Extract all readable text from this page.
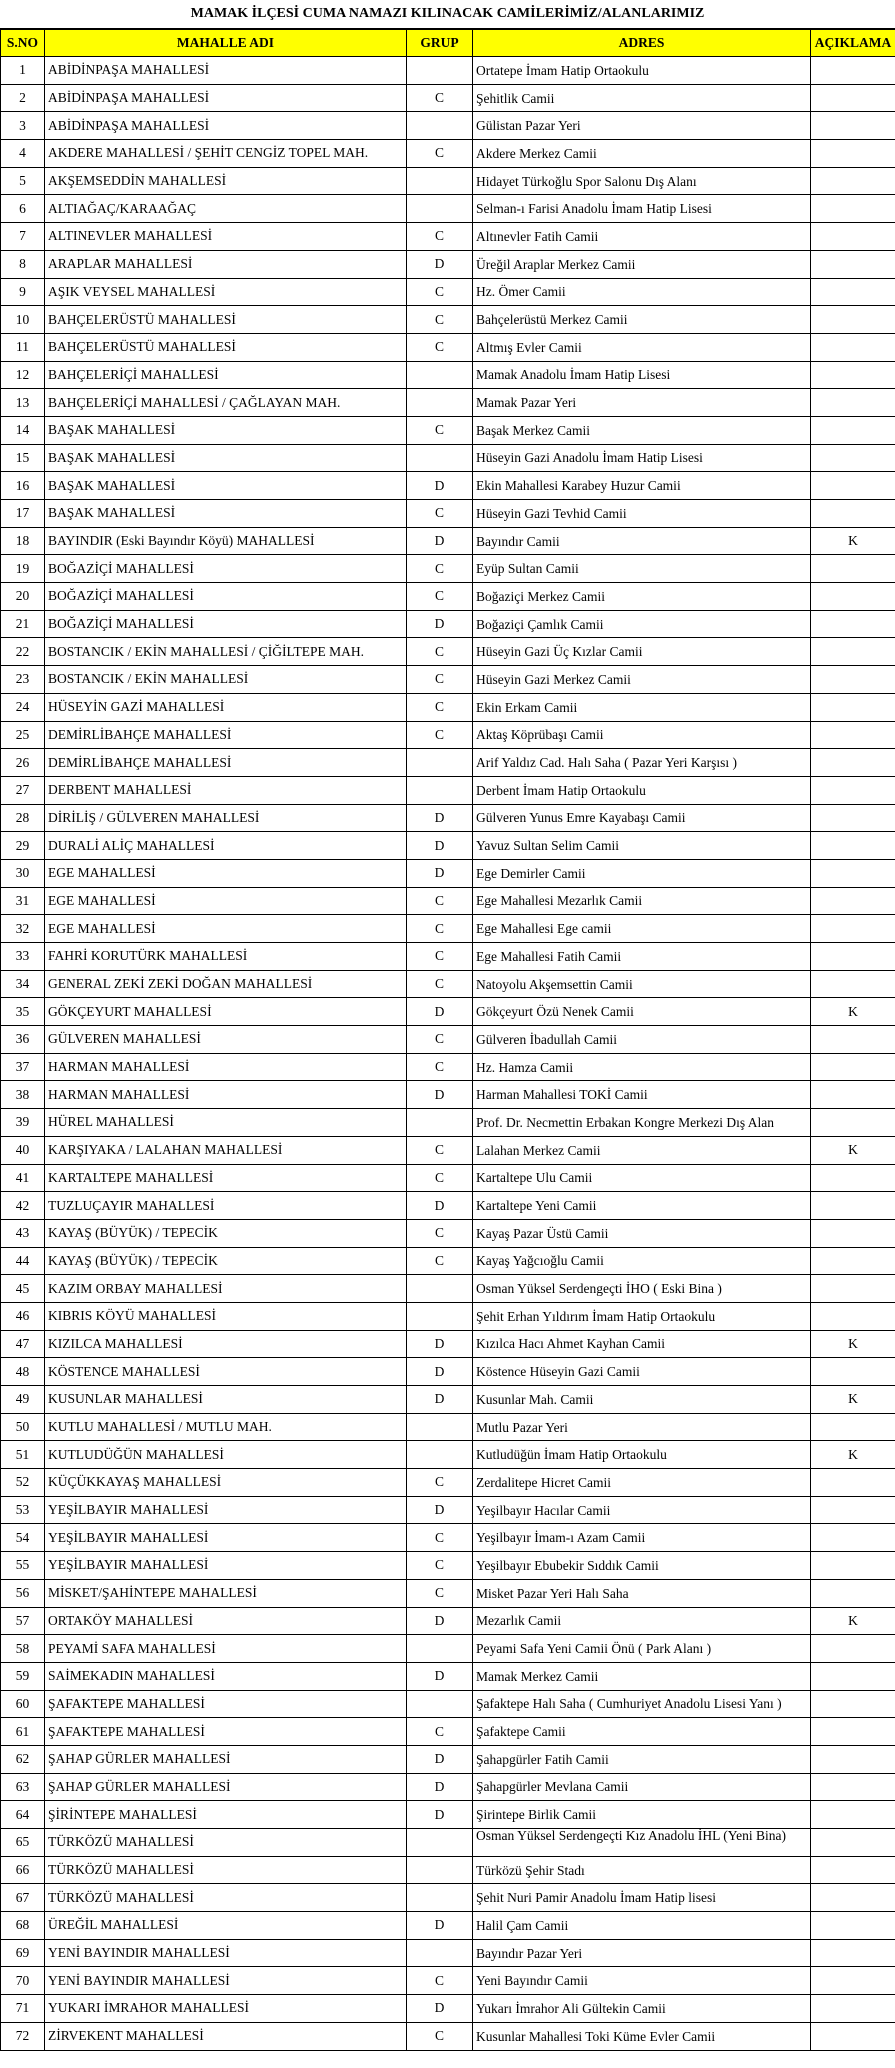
MAMAK İLÇESİ CUMA NAMAZI KILINACAK CAMİLERİMİZ/ALANLARIMIZ
S.NO	MAHALLE ADI	GRUP	ADRES	AÇIKLAMA
1	ABİDİNPAŞA MAHALLESİ		Ortatepe İmam Hatip Ortaokulu	
2	ABİDİNPAŞA MAHALLESİ	C	Şehitlik Camii	
3	ABİDİNPAŞA MAHALLESİ		Gülistan Pazar Yeri	
4	AKDERE MAHALLESİ / ŞEHİT CENGİZ TOPEL MAH.	C	Akdere Merkez Camii	
5	AKŞEMSEDDİN MAHALLESİ		Hidayet Türkoğlu Spor Salonu Dış Alanı	
6	ALTIAĞAÇ/KARAAĞAÇ		Selman-ı Farisi Anadolu İmam Hatip Lisesi	
7	ALTINEVLER MAHALLESİ	C	Altınevler Fatih Camii	
8	ARAPLAR MAHALLESİ	D	Üreğil Araplar Merkez Camii	
9	AŞIK VEYSEL MAHALLESİ	C	Hz. Ömer Camii	
10	BAHÇELERÜSTÜ MAHALLESİ	C	Bahçelerüstü Merkez Camii	
11	BAHÇELERÜSTÜ MAHALLESİ	C	Altmış Evler Camii	
12	BAHÇELERİÇİ MAHALLESİ		Mamak Anadolu İmam Hatip Lisesi	
13	BAHÇELERİÇİ MAHALLESİ / ÇAĞLAYAN MAH.		Mamak Pazar Yeri	
14	BAŞAK MAHALLESİ	C	Başak Merkez Camii	
15	BAŞAK MAHALLESİ		Hüseyin Gazi Anadolu İmam Hatip Lisesi	
16	BAŞAK MAHALLESİ	D	Ekin Mahallesi Karabey Huzur Camii	
17	BAŞAK MAHALLESİ	C	Hüseyin Gazi Tevhid Camii	
18	BAYINDIR (Eski Bayındır Köyü) MAHALLESİ	D	Bayındır Camii	K
19	BOĞAZİÇİ MAHALLESİ	C	Eyüp Sultan Camii	
20	BOĞAZİÇİ MAHALLESİ	C	Boğaziçi Merkez Camii	
21	BOĞAZİÇİ MAHALLESİ	D	Boğaziçi Çamlık Camii	
22	BOSTANCIK / EKİN MAHALLESİ / ÇİĞİLTEPE MAH.	C	Hüseyin Gazi Üç Kızlar Camii	
23	BOSTANCIK / EKİN MAHALLESİ	C	Hüseyin Gazi Merkez Camii	
24	HÜSEYİN GAZİ MAHALLESİ	C	Ekin Erkam Camii	
25	DEMİRLİBAHÇE MAHALLESİ	C	Aktaş Köprübaşı Camii	
26	DEMİRLİBAHÇE MAHALLESİ		Arif Yaldız Cad. Halı Saha ( Pazar Yeri Karşısı )	
27	DERBENT MAHALLESİ		Derbent İmam Hatip Ortaokulu	
28	DİRİLİŞ / GÜLVEREN MAHALLESİ	D	Gülveren Yunus Emre Kayabaşı Camii	
29	DURALİ ALİÇ MAHALLESİ	D	Yavuz Sultan Selim Camii	
30	EGE MAHALLESİ	D	Ege Demirler Camii	
31	EGE MAHALLESİ	C	Ege Mahallesi Mezarlık Camii	
32	EGE MAHALLESİ	C	Ege Mahallesi Ege camii	
33	FAHRİ KORUTÜRK MAHALLESİ	C	Ege Mahallesi Fatih Camii	
34	GENERAL ZEKİ ZEKİ DOĞAN MAHALLESİ	C	Natoyolu Akşemsettin Camii	
35	GÖKÇEYURT MAHALLESİ	D	Gökçeyurt Özü Nenek Camii	K
36	GÜLVEREN MAHALLESİ	C	Gülveren İbadullah Camii	
37	HARMAN MAHALLESİ	C	Hz. Hamza Camii	
38	HARMAN MAHALLESİ	D	Harman Mahallesi TOKİ Camii	
39	HÜREL MAHALLESİ		Prof. Dr. Necmettin Erbakan Kongre Merkezi Dış Alan	
40	KARŞIYAKA / LALAHAN MAHALLESİ	C	Lalahan Merkez Camii	K
41	KARTALTEPE MAHALLESİ	C	Kartaltepe Ulu Camii	
42	TUZLUÇAYIR MAHALLESİ	D	Kartaltepe Yeni Camii	
43	KAYAŞ (BÜYÜK) / TEPECİK	C	Kayaş Pazar Üstü Camii	
44	KAYAŞ (BÜYÜK) / TEPECİK	C	Kayaş Yağcıoğlu Camii	
45	KAZIM ORBAY MAHALLESİ		Osman Yüksel Serdengeçti İHO ( Eski Bina )	
46	KIBRIS KÖYÜ MAHALLESİ		Şehit Erhan Yıldırım İmam Hatip Ortaokulu	
47	KIZILCA MAHALLESİ	D	Kızılca Hacı Ahmet Kayhan Camii	K
48	KÖSTENCE MAHALLESİ	D	Köstence Hüseyin Gazi Camii	
49	KUSUNLAR MAHALLESİ	D	Kusunlar Mah. Camii	K
50	KUTLU MAHALLESİ / MUTLU MAH.		Mutlu Pazar Yeri	
51	KUTLUDÜĞÜN MAHALLESİ		Kutludüğün İmam Hatip Ortaokulu	K
52	KÜÇÜKKAYAŞ MAHALLESİ	C	Zerdalitepe Hicret Camii	
53	YEŞİLBAYIR MAHALLESİ	D	Yeşilbayır Hacılar Camii	
54	YEŞİLBAYIR MAHALLESİ	C	Yeşilbayır İmam-ı Azam Camii	
55	YEŞİLBAYIR MAHALLESİ	C	Yeşilbayır Ebubekir Sıddık Camii	
56	MİSKET/ŞAHİNTEPE MAHALLESİ	C	Misket Pazar Yeri Halı Saha	
57	ORTAKÖY MAHALLESİ	D	Mezarlık Camii	K
58	PEYAMİ SAFA MAHALLESİ		Peyami Safa Yeni Camii Önü ( Park Alanı )	
59	SAİMEKADIN MAHALLESİ	D	Mamak Merkez Camii	
60	ŞAFAKTEPE MAHALLESİ		Şafaktepe Halı Saha ( Cumhuriyet Anadolu Lisesi Yanı )	
61	ŞAFAKTEPE MAHALLESİ	C	Şafaktepe Camii	
62	ŞAHAP GÜRLER MAHALLESİ	D	Şahapgürler Fatih Camii	
63	ŞAHAP GÜRLER MAHALLESİ	D	Şahapgürler Mevlana Camii	
64	ŞİRİNTEPE MAHALLESİ	D	Şirintepe Birlik Camii	
65	TÜRKÖZÜ MAHALLESİ		Osman Yüksel Serdengeçti Kız Anadolu İHL (Yeni Bina)	
66	TÜRKÖZÜ MAHALLESİ		Türközü Şehir Stadı	
67	TÜRKÖZÜ MAHALLESİ		Şehit Nuri Pamir Anadolu İmam Hatip lisesi	
68	ÜREĞİL MAHALLESİ	D	Halil Çam Camii	
69	YENİ BAYINDIR MAHALLESİ		Bayındır Pazar Yeri	
70	YENİ BAYINDIR MAHALLESİ	C	Yeni Bayındır Camii	
71	YUKARI İMRAHOR MAHALLESİ	D	Yukarı İmrahor Ali Gültekin Camii	
72	ZİRVEKENT MAHALLESİ	C	Kusunlar Mahallesi Toki Küme Evler Camii	
